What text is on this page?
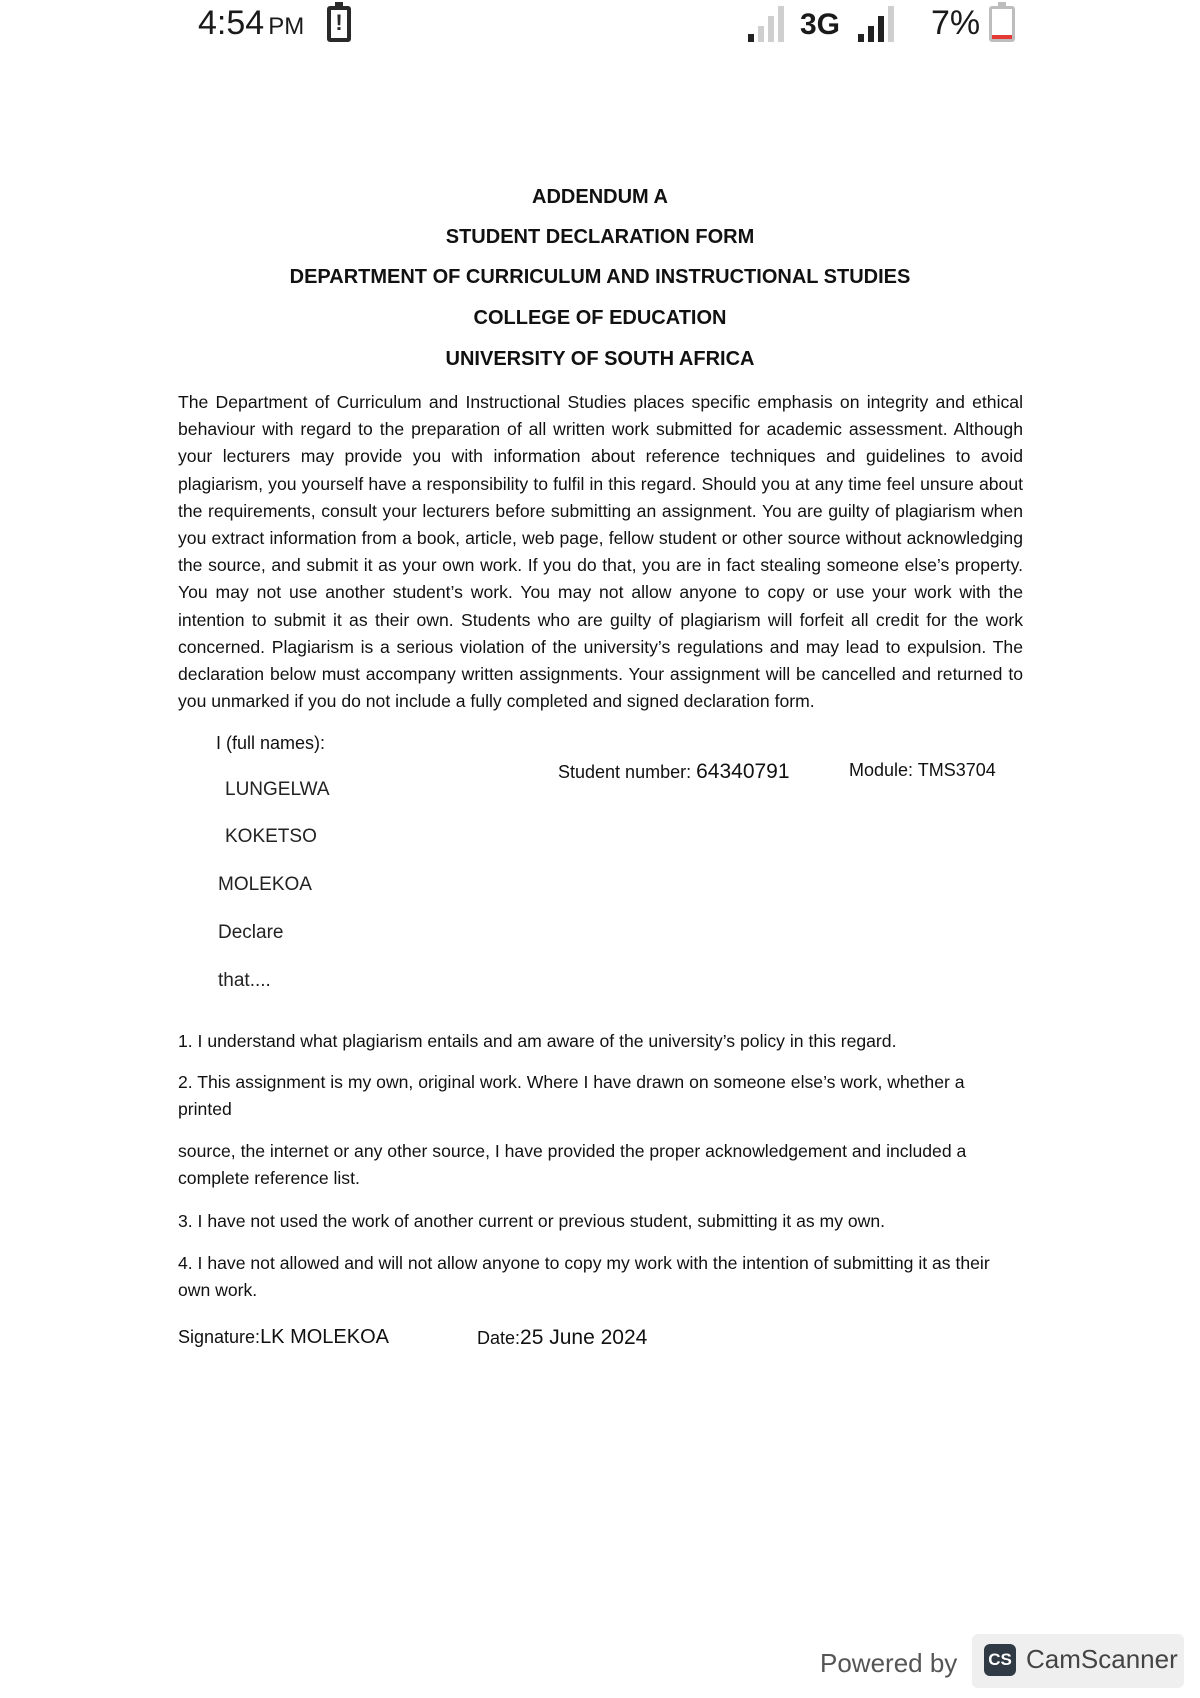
4:54 PM !	3G	7%
ADDENDUM A
STUDENT DECLARATION FORM
DEPARTMENT OF CURRICULUM AND INSTRUCTIONAL STUDIES
COLLEGE OF EDUCATION
UNIVERSITY OF SOUTH AFRICA
The Department of Curriculum and Instructional Studies places specific emphasis on integrity and ethical behaviour with regard to the preparation of all written work submitted for academic assessment. Although your lecturers may provide you with information about reference techniques and guidelines to avoid plagiarism, you yourself have a responsibility to fulfil in this regard. Should you at any time feel unsure about the requirements, consult your lecturers before submitting an assignment. You are guilty of plagiarism when you extract information from a book, article, web page, fellow student or other source without acknowledging the source, and submit it as your own work. If you do that, you are in fact stealing someone else’s property. You may not use another student’s work. You may not allow anyone to copy or use your work with the intention to submit it as their own. Students who are guilty of plagiarism will forfeit all credit for the work concerned. Plagiarism is a serious violation of the university’s regulations and may lead to expulsion. The declaration below must accompany written assignments. Your assignment will be cancelled and returned to you unmarked if you do not include a fully completed and signed declaration form.
I (full names):
Student number: 64340791	Module: TMS3704
LUNGELWA
KOKETSO
MOLEKOA
Declare
that....
1. I understand what plagiarism entails and am aware of the university’s policy in this regard.
2. This assignment is my own, original work. Where I have drawn on someone else’s work, whether a printed
source, the internet or any other source, I have provided the proper acknowledgement and included a complete reference list.
3. I have not used the work of another current or previous student, submitting it as my own.
4. I have not allowed and will not allow anyone to copy my work with the intention of submitting it as their own work.
Signature:LK MOLEKOA	Date:25 June 2024
Powered by CS CamScanner
